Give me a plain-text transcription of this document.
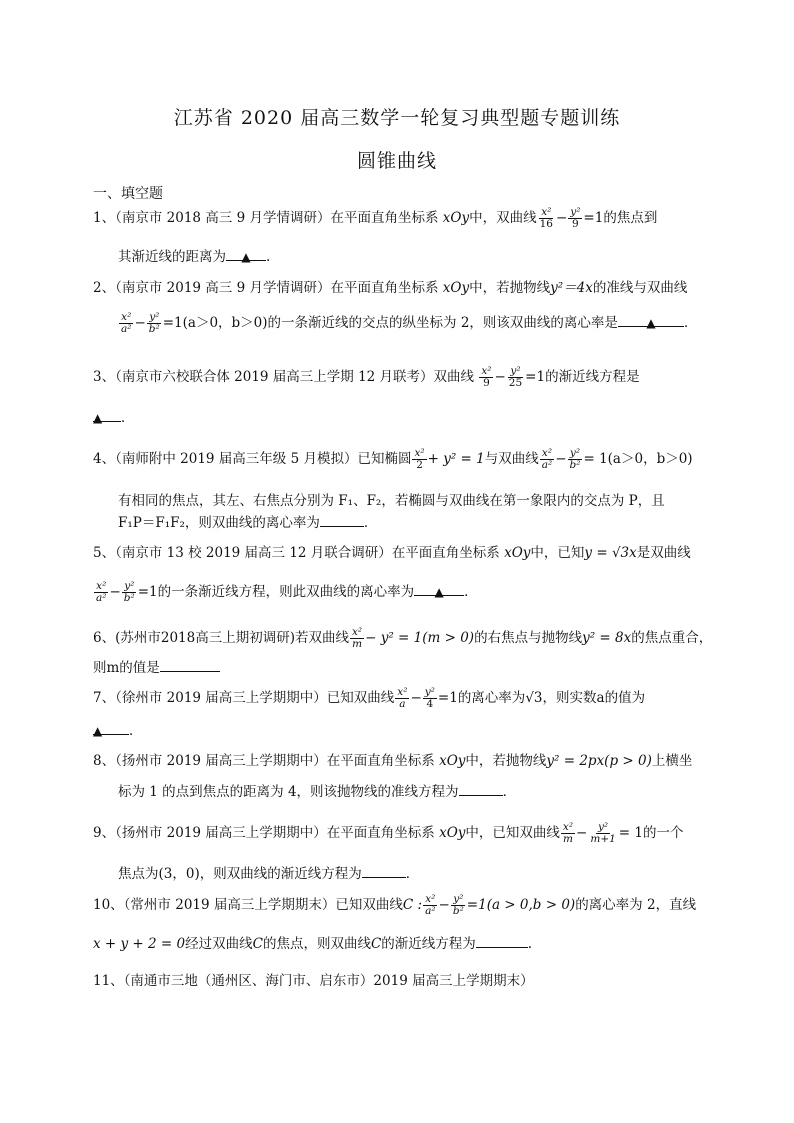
江苏省 2020 届高三数学一轮复习典型题专题训练
圆锥曲线
一、填空题
1、（南京市 2018 高三 9 月学情调研）在平面直角坐标系 xOy中，双曲线 $\frac{\text{x²}}{16} - \frac{\text{y²}}{9} =1$的焦点到
其渐近线的距离为 ▲ .
2、（南京市 2019 高三 9 月学情调研）在平面直角坐标系 xOy中，若抛物线y²＝4x的准线与双曲线
$\frac{\text{x²}}{\text{a²}} - \frac{\text{y²}}{\text{b²}} =1(a>0$，b＞0)的一条渐近线的交点的纵坐标为 2，则该双曲线的离心率是 ▲ ．
3、（南京市六校联合体 2019 届高三上学期 12 月联考）双曲线 $\frac{\text{x²}}{9} - \frac{\text{y²}}{25} =1$的渐近线方程是
▲ ．
4、（南师附中 2019 届高三年级 5 月模拟）已知椭圆 $\frac{\text{x²}}{2} + y^2 = 1$与双曲线 $\frac{\text{x²}}{\text{a²}} - \frac{\text{y²}}{\text{b²}} = 1(a>0$，b＞0)
有相同的焦点，其左、右焦点分别为 F₁、F₂，若椭圆与双曲线在第一象限内的交点为 P，且
F₁P＝F₁F₂，则双曲线的离心率为	．
5、（南京市 13 校 2019 届高三 12 月联合调研）在平面直角坐标系 xOy中，已知y = √3x是双曲线
$\frac{\text{x²}}{\text{a²}} - \frac{\text{y²}}{\text{b²}} =1$的一条渐近线方程，则此双曲线的离心率为 ▲ ．
6、(苏州市2018高三上期初调研)若双曲线 $\frac{\text{x²}}{m} - y^2 = 1(m > 0)$的右焦点与抛物线y² = 8x的焦点重合，
则m的值是
7、（徐州市 2019 届高三上学期期中）已知双曲线 $\frac{\text{x²}}{a} - \frac{\text{y²}}{4} =1$的离心率为√3，则实数a的值为
▲ ．
8、（扬州市 2019 届高三上学期期中）在平面直角坐标系 xOy中，若抛物线y² = 2px(p > 0)上横坐
标为 1 的点到焦点的距离为 4，则该抛物线的准线方程为	．
9、（扬州市 2019 届高三上学期期中）在平面直角坐标系 xOy中，已知双曲线 $\frac{\text{x²}}{m} - \frac{\text{y²}}{m+1} = 1$的一个
焦点为(3，0)，则双曲线的渐近线方程为	．
10、（常州市 2019 届高三上学期期末）已知双曲线C : $\frac{\text{x²}}{\text{a²}} - \frac{\text{y²}}{\text{b²}} =1(a > 0,b > 0)$的离心率为 2，直线
x + y + 2 = 0经过双曲线C的焦点，则双曲线C的渐近线方程为	.
11、（南通市三地（通州区、海门市、启东市）2019 届高三上学期期末）
